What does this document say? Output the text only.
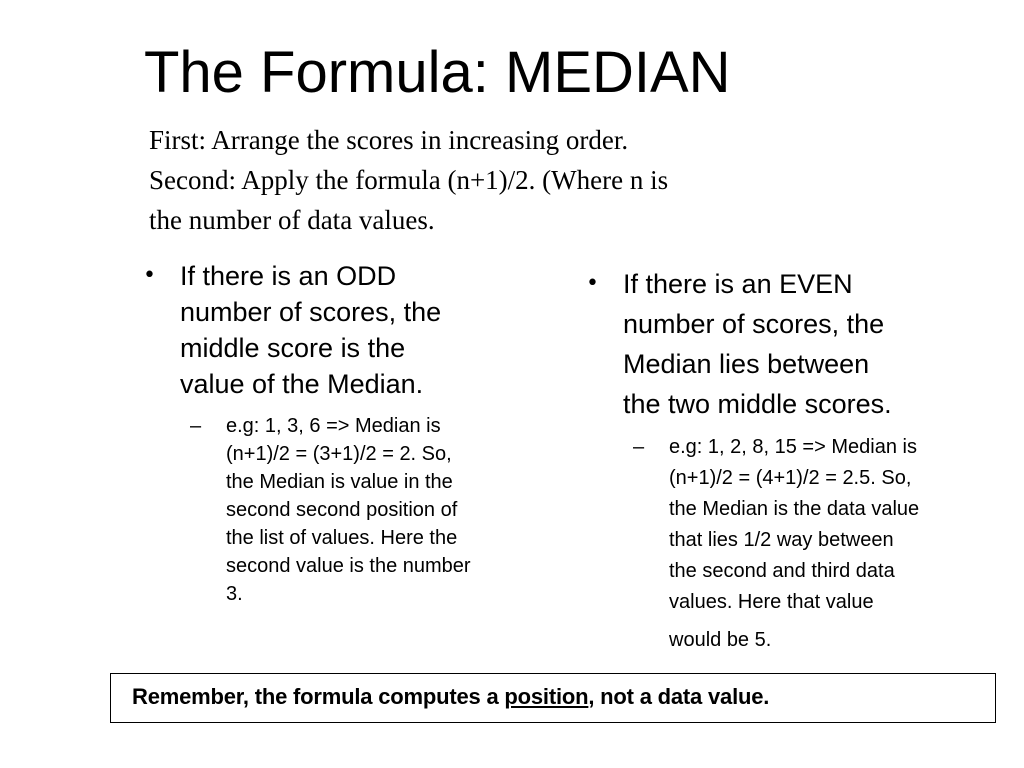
The Formula: MEDIAN

First: Arrange the scores in increasing order.
Second: Apply the formula (n+1)/2. (Where n is
the number of data values.

• If there is an ODD
number of scores, the
middle score is the
value of the Median.
– e.g: 1, 3, 6 => Median is
(n+1)/2 = (3+1)/2 = 2. So,
the Median is value in the
second second position of
the list of values. Here the
second value is the number
3.
• If there is an EVEN
number of scores, the
Median lies between
the two middle scores.
– e.g: 1, 2, 8, 15 => Median is
(n+1)/2 = (4+1)/2 = 2.5. So,
the Median is the data value
that lies 1/2 way between
the second and third data
values. Here that value
would be 5.
Remember, the formula computes a position, not a data value.
